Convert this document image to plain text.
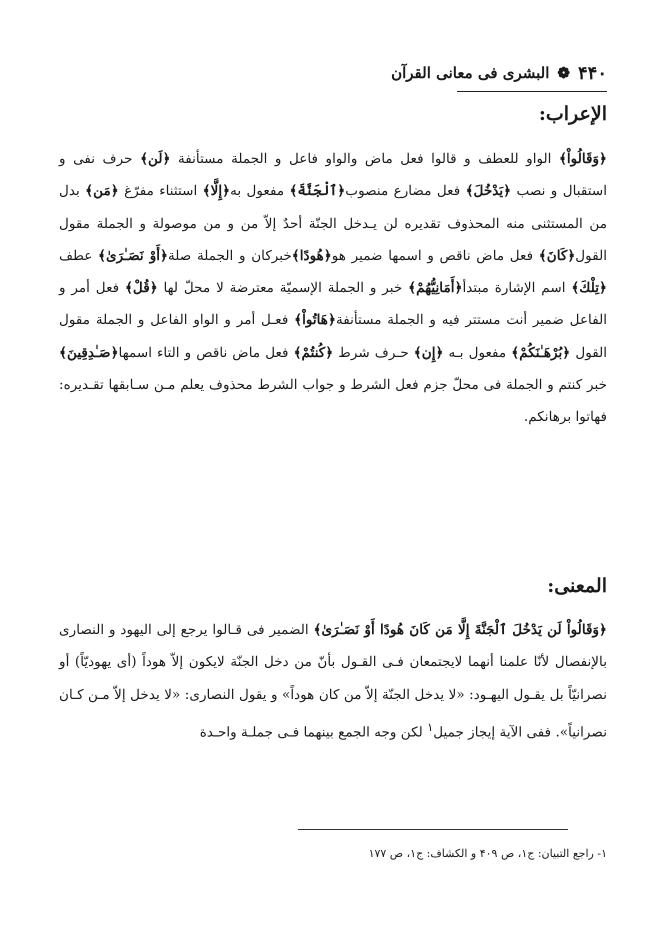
۴۴۰
❁
البشری فی معانی القرآن
الإعراب:
﴿وَقَالُواْ﴾ الواو للعطف و قالوا فعل ماض والواو فاعل و الجملة مستأنفة ﴿لَن﴾ حرف نفی و استقبال و نصب ﴿يَدْخُلَ﴾ فعل مضارع منصوب﴿ٱلْجَنَّةَ﴾ مفعول به﴿إِلَّا﴾ استثناء مفرّغ ﴿مَن﴾ بدل من المستثنی منه المحذوف تقدیره لن یـدخل الجنّة أحدٌ إلاّ من و من موصولة و الجملة مقول القول﴿كَانَ﴾ فعل ماض ناقص و اسمها ضمیر هو﴿هُودًا﴾خبرکان و الجملة صلة﴿أَوْ نَصَـٰرَىٰ﴾ عطف ﴿تِلْكَ﴾ اسم الإشارة مبتدأ﴿أَمَانِيُّهُمْ﴾ خبر و الجملة الإسمیّة معترضة لا محلّ لها ﴿قُلْ﴾ فعل أمر و الفاعل ضمیر أنت مستتر فیه و الجملة مستأنفة﴿هَاتُواْ﴾ فعـل أمر و الواو الفاعل و الجملة مقول القول ﴿بُرْهَـٰنَكُمْ﴾ مفعول بـه ﴿إِن﴾ حـرف شرط ﴿كُنتُمْ﴾ فعل ماض ناقص و التاء اسمها﴿صَـٰدِقِينَ﴾ خبر کنتم و الجملة فی محلّ جزم فعل الشرط و جواب الشرط محذوف یعلم مـن سـابقها تقـدیره: فهاتوا برهانکم.
المعنی:
﴿وَقَالُواْ لَن يَدْخُلَ ٱلْجَنَّةَ إِلَّا مَن كَانَ هُودًا أَوْ نَصَـٰرَىٰ﴾ الضمیر فی قـالوا یرجع إلی الیهود و النصاری بالإنفصال لأنّا علمنا أنهما لایجتمعان فـی القـول بأنّ من دخل الجنّة لایکون إلاّ هوداً (أی یهودیّاً) أو نصرانیّاً بل یقـول الیهـود: «لا یدخل الجنّة إلاّ من کان هوداً» و یقول النصاری: «لا یدخل إلاّ مـن کـان نصرانیاً». ففی الآیة إیجاز جمیل$^١$ لکن وجه الجمع بینهما فـی جملـة واحـدة
١- راجع التبیان: ج١، ص ۴٠٩ و الکشاف: ج١، ص ١٧٧
